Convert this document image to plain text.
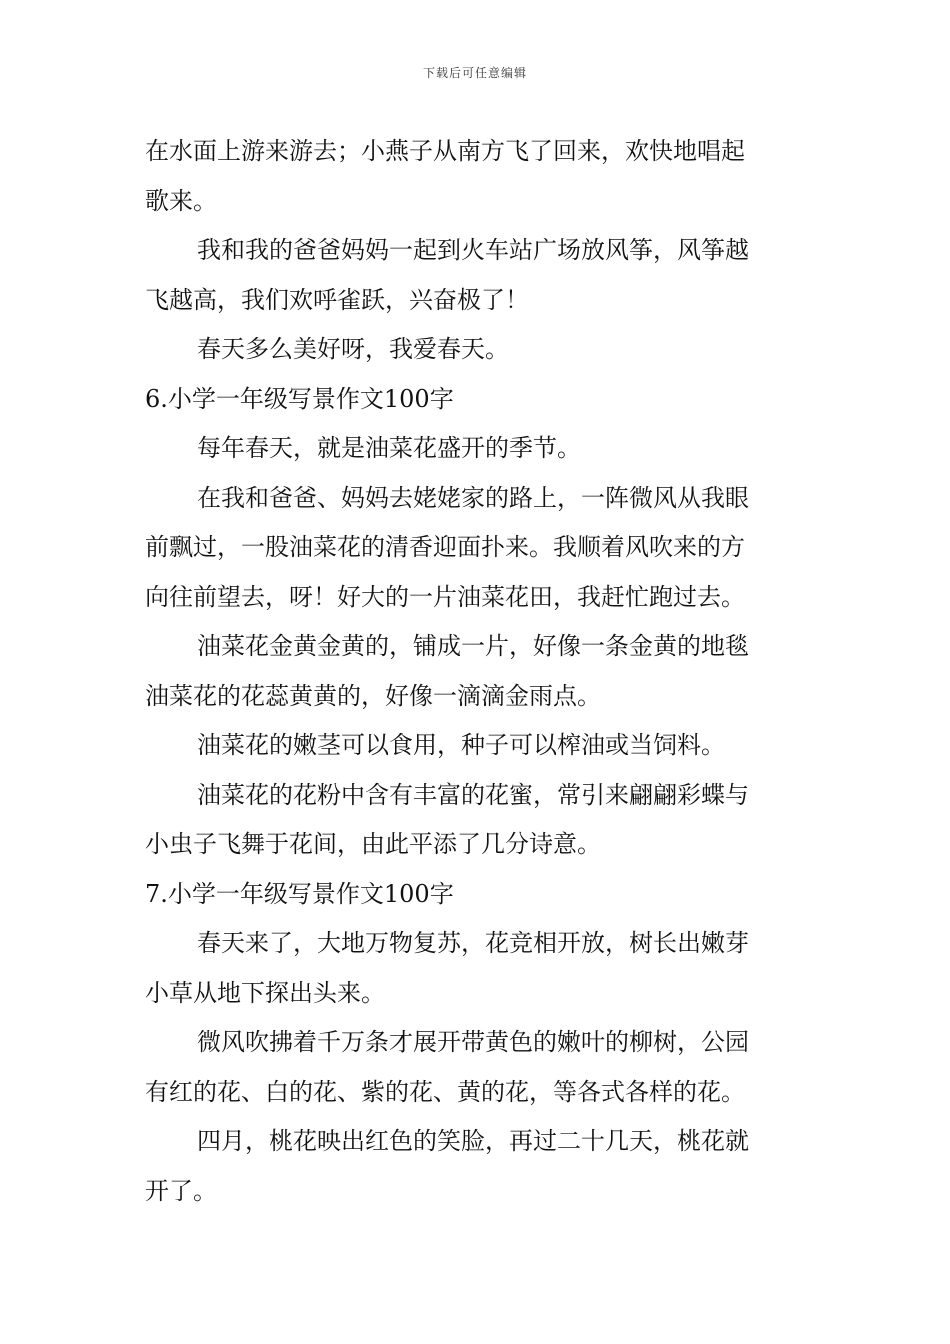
下载后可任意编辑

在水面上游来游去；小燕子从南方飞了回来，欢快地唱起

歌来。

我和我的爸爸妈妈一起到火车站广场放风筝，风筝越

飞越高，我们欢呼雀跃，兴奋极了！

春天多么美好呀，我爱春天。

6.小学一年级写景作文100字

每年春天，就是油菜花盛开的季节。

在我和爸爸、妈妈去姥姥家的路上，一阵微风从我眼

前飘过，一股油菜花的清香迎面扑来。我顺着风吹来的方

向往前望去，呀！好大的一片油菜花田，我赶忙跑过去。

油菜花金黄金黄的，铺成一片，好像一条金黄的地毯

油菜花的花蕊黄黄的，好像一滴滴金雨点。

油菜花的嫩茎可以食用，种子可以榨油或当饲料。

油菜花的花粉中含有丰富的花蜜，常引来翩翩彩蝶与

小虫子飞舞于花间，由此平添了几分诗意。

7.小学一年级写景作文100字

春天来了，大地万物复苏，花竞相开放，树长出嫩芽

小草从地下探出头来。

微风吹拂着千万条才展开带黄色的嫩叶的柳树，公园

有红的花、白的花、紫的花、黄的花，等各式各样的花。

四月，桃花映出红色的笑脸，再过二十几天，桃花就

开了。
